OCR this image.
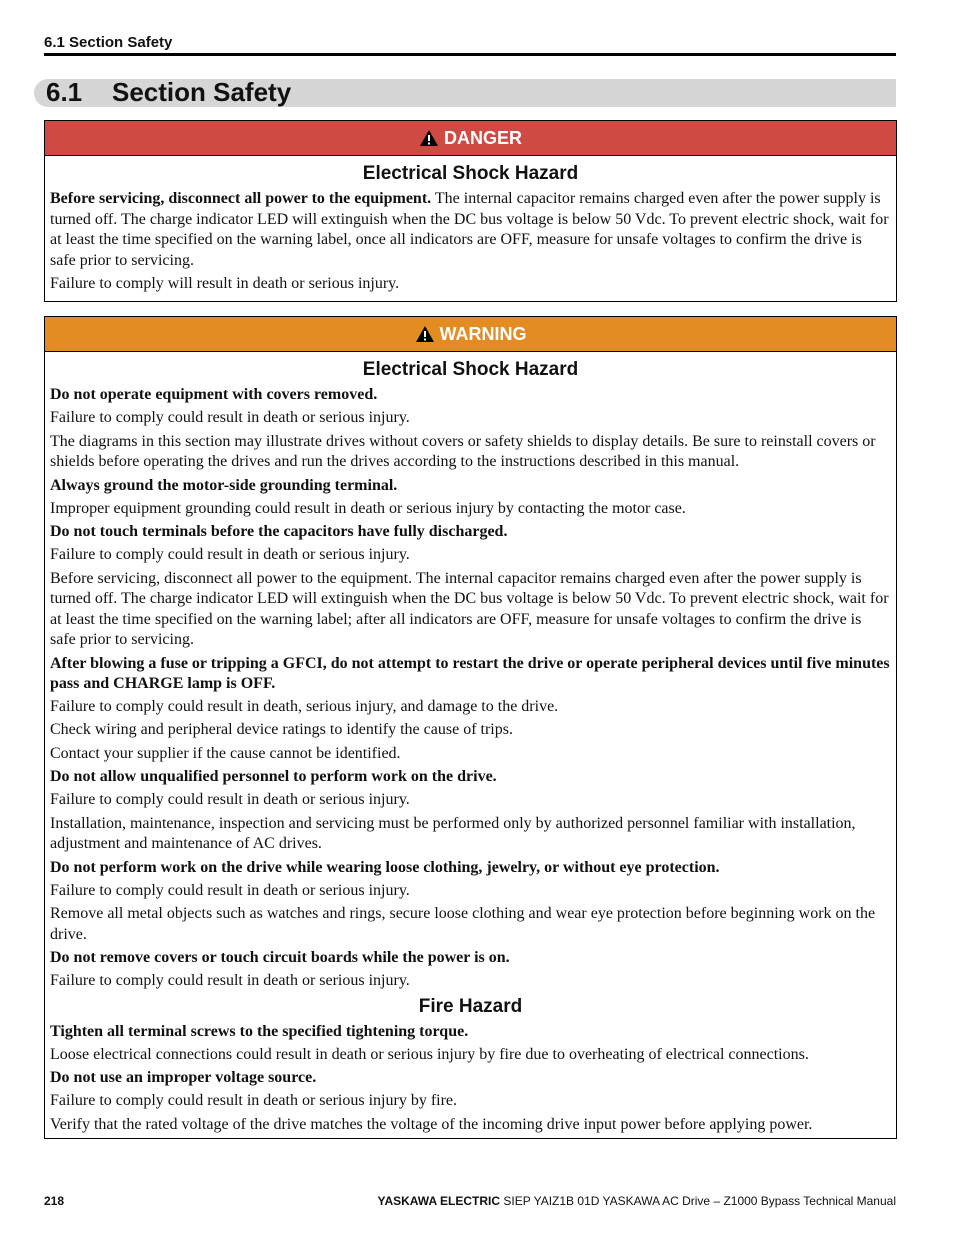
6.1 Section Safety
6.1 Section Safety
DANGER
Electrical Shock Hazard

Before servicing, disconnect all power to the equipment. The internal capacitor remains charged even after the power supply is turned off. The charge indicator LED will extinguish when the DC bus voltage is below 50 Vdc. To prevent electric shock, wait for at least the time specified on the warning label, once all indicators are OFF, measure for unsafe voltages to confirm the drive is safe prior to servicing.

Failure to comply will result in death or serious injury.

WARNING
Electrical Shock Hazard

Do not operate equipment with covers removed.

Failure to comply could result in death or serious injury.

The diagrams in this section may illustrate drives without covers or safety shields to display details. Be sure to reinstall covers or shields before operating the drives and run the drives according to the instructions described in this manual.

Always ground the motor-side grounding terminal.

Improper equipment grounding could result in death or serious injury by contacting the motor case.

Do not touch terminals before the capacitors have fully discharged.

Failure to comply could result in death or serious injury.

Before servicing, disconnect all power to the equipment. The internal capacitor remains charged even after the power supply is turned off. The charge indicator LED will extinguish when the DC bus voltage is below 50 Vdc. To prevent electric shock, wait for at least the time specified on the warning label; after all indicators are OFF, measure for unsafe voltages to confirm the drive is safe prior to servicing.

After blowing a fuse or tripping a GFCI, do not attempt to restart the drive or operate peripheral devices until five minutes pass and CHARGE lamp is OFF.

Failure to comply could result in death, serious injury, and damage to the drive.

Check wiring and peripheral device ratings to identify the cause of trips.

Contact your supplier if the cause cannot be identified.

Do not allow unqualified personnel to perform work on the drive.

Failure to comply could result in death or serious injury.

Installation, maintenance, inspection and servicing must be performed only by authorized personnel familiar with installation, adjustment and maintenance of AC drives.

Do not perform work on the drive while wearing loose clothing, jewelry, or without eye protection.

Failure to comply could result in death or serious injury.

Remove all metal objects such as watches and rings, secure loose clothing and wear eye protection before beginning work on the drive.

Do not remove covers or touch circuit boards while the power is on.

Failure to comply could result in death or serious injury.

Fire Hazard

Tighten all terminal screws to the specified tightening torque.

Loose electrical connections could result in death or serious injury by fire due to overheating of electrical connections.

Do not use an improper voltage source.

Failure to comply could result in death or serious injury by fire.

Verify that the rated voltage of the drive matches the voltage of the incoming drive input power before applying power.

218	YASKAWA ELECTRIC SIEP YAIZ1B 01D YASKAWA AC Drive – Z1000 Bypass Technical Manual
